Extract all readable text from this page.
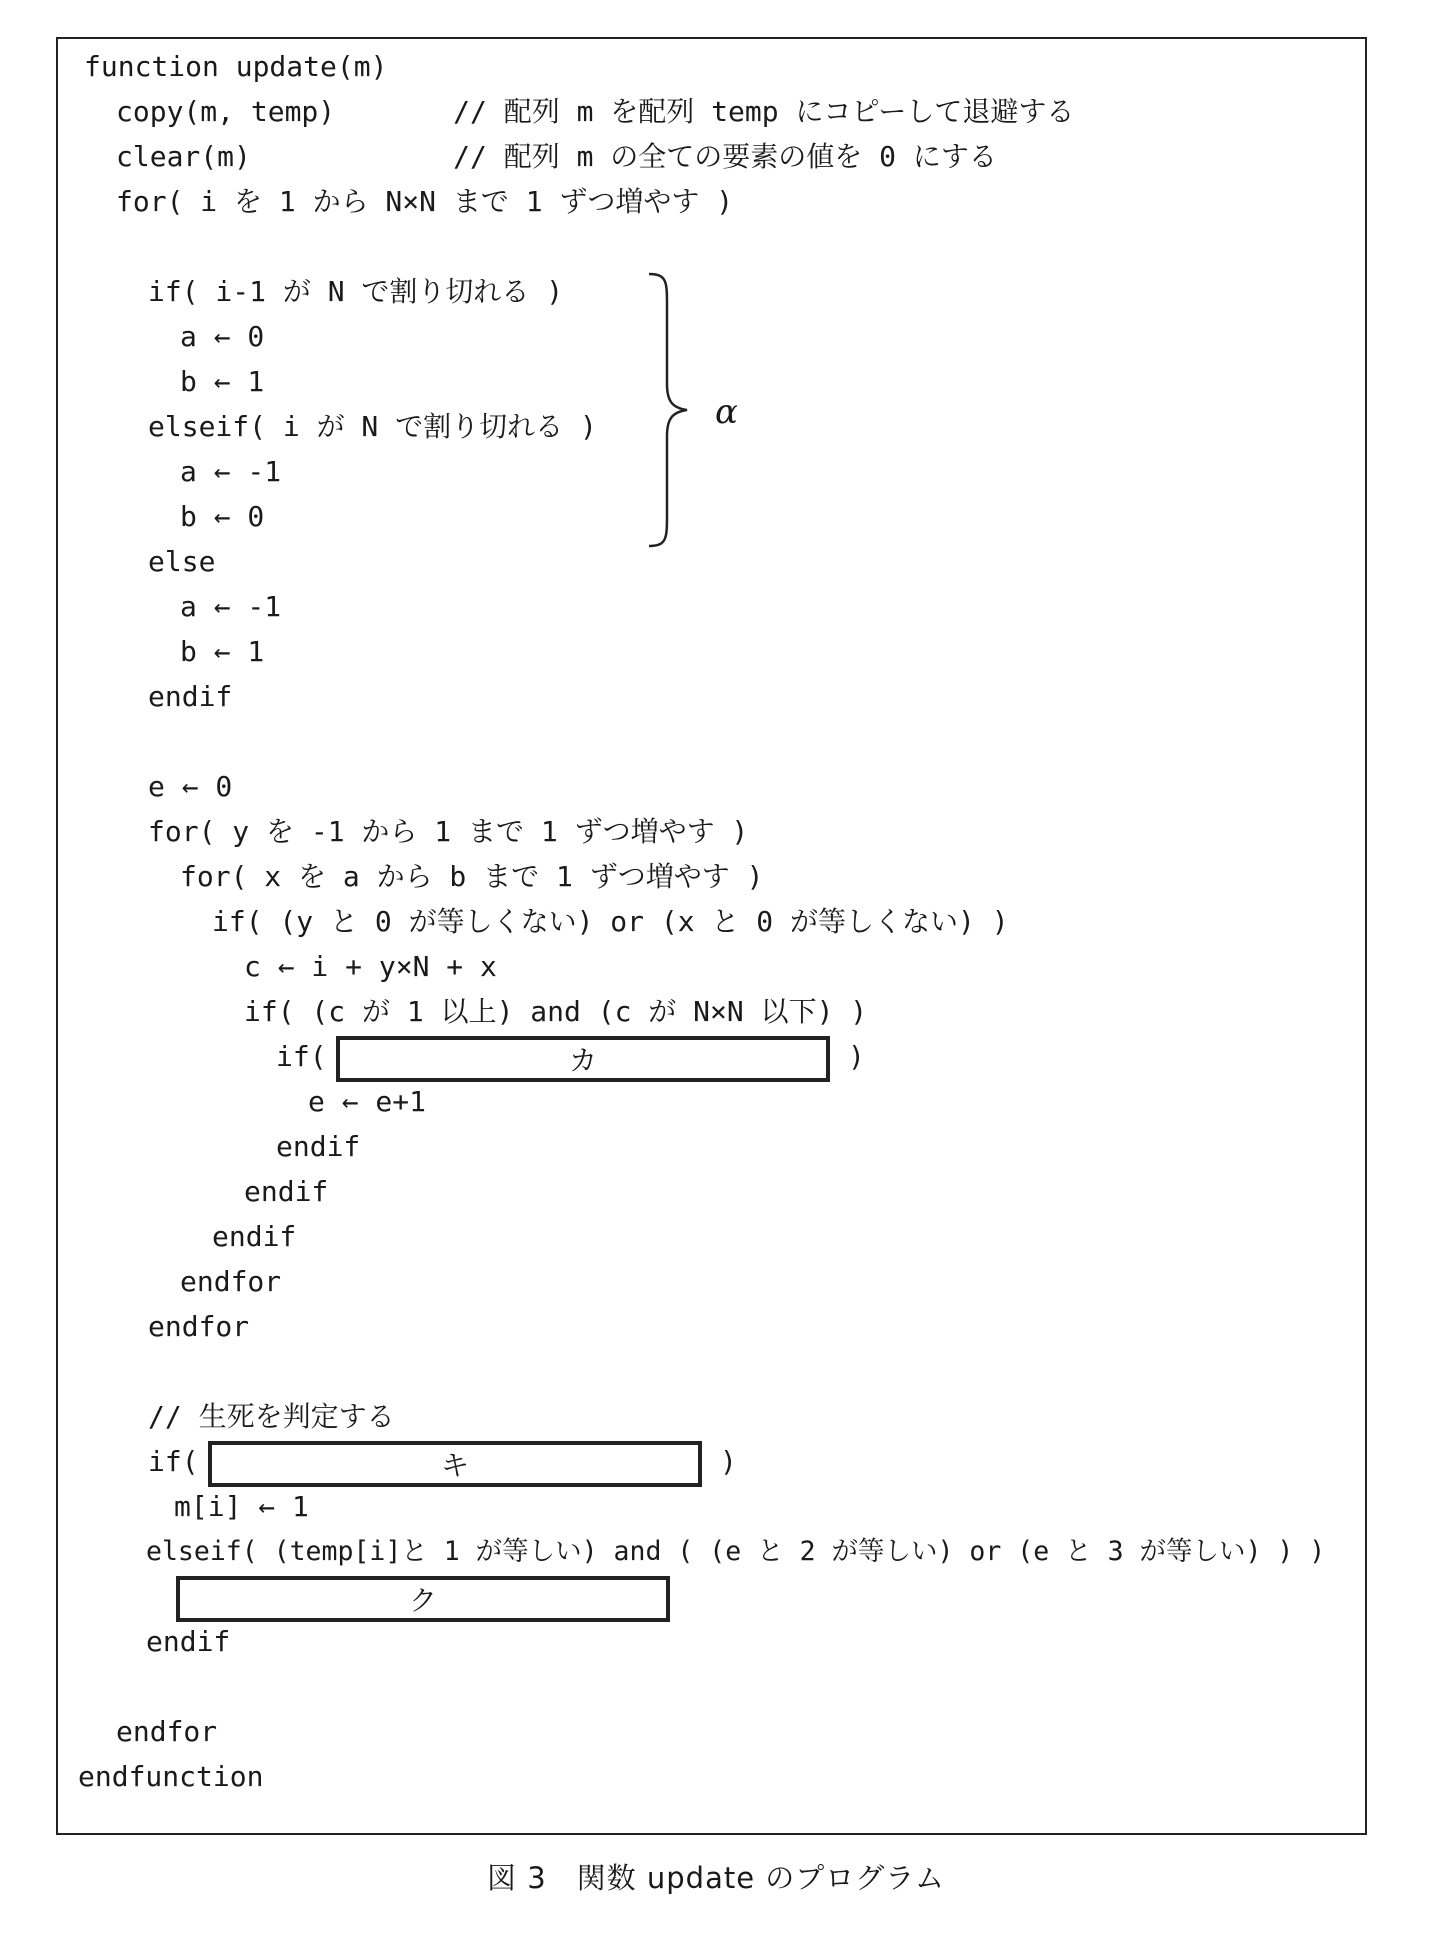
function update(m)
copy(m, temp)       // 配列 m を配列 temp にコピーして退避する
clear(m)            // 配列 m の全ての要素の値を 0 にする
for( i を 1 から N×N まで 1 ずつ増やす )
if( i-1 が N で割り切れる )
a ← 0
b ← 1
elseif( i が N で割り切れる )
a ← -1
b ← 0
else
a ← -1
b ← 1
endif
e ← 0
for( y を -1 から 1 まで 1 ずつ増やす )
for( x を a から b まで 1 ずつ増やす )
if( (y と 0 が等しくない) or (x と 0 が等しくない) )
c ← i + y×N + x
if( (c が 1 以上) and (c が N×N 以下) )
if(	カ	)
e ← e+1
endif
endif
endif
endfor
endfor
// 生死を判定する
if(	キ	)
m[i] ← 1
elseif( (temp[i]と 1 が等しい) and ( (e と 2 が等しい) or (e と 3 が等しい) ) )
ク
endif
endfor
endfunction
α
図 3　関数 update のプログラム
